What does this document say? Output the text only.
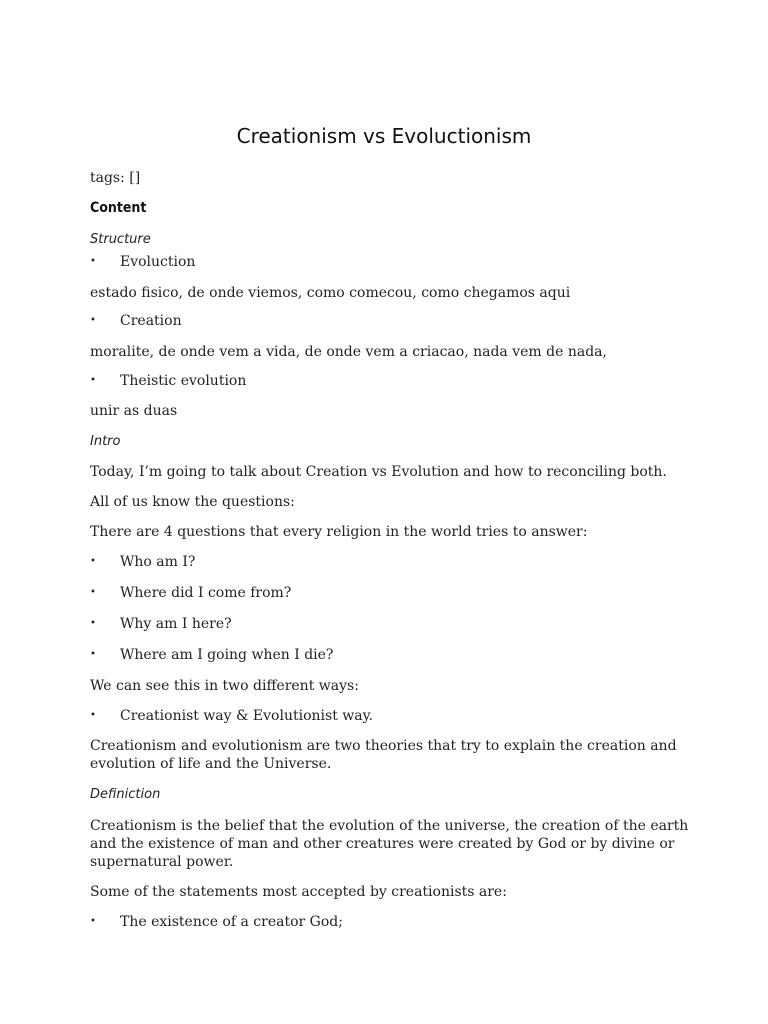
Creationism vs Evoluctionism

tags: []

Content

Structure

• Evoluction

estado fisico, de onde viemos, como comecou, como chegamos aqui

• Creation

moralite, de onde vem a vida, de onde vem a criacao, nada vem de nada,

• Theistic evolution

unir as duas

Intro

Today, I’m going to talk about Creation vs Evolution and how to reconciling both.

All of us know the questions:

There are 4 questions that every religion in the world tries to answer:

• Who am I?
• Where did I come from?
• Why am I here?
• Where am I going when I die?

We can see this in two different ways:

• Creationist way & Evolutionist way.

Creationism and evolutionism are two theories that try to explain the creation and evolution of life and the Universe.

Definiction

Creationism is the belief that the evolution of the universe, the creation of the earth and the existence of man and other creatures were created by God or by divine or supernatural power.

Some of the statements most accepted by creationists are:

• The existence of a creator God;
